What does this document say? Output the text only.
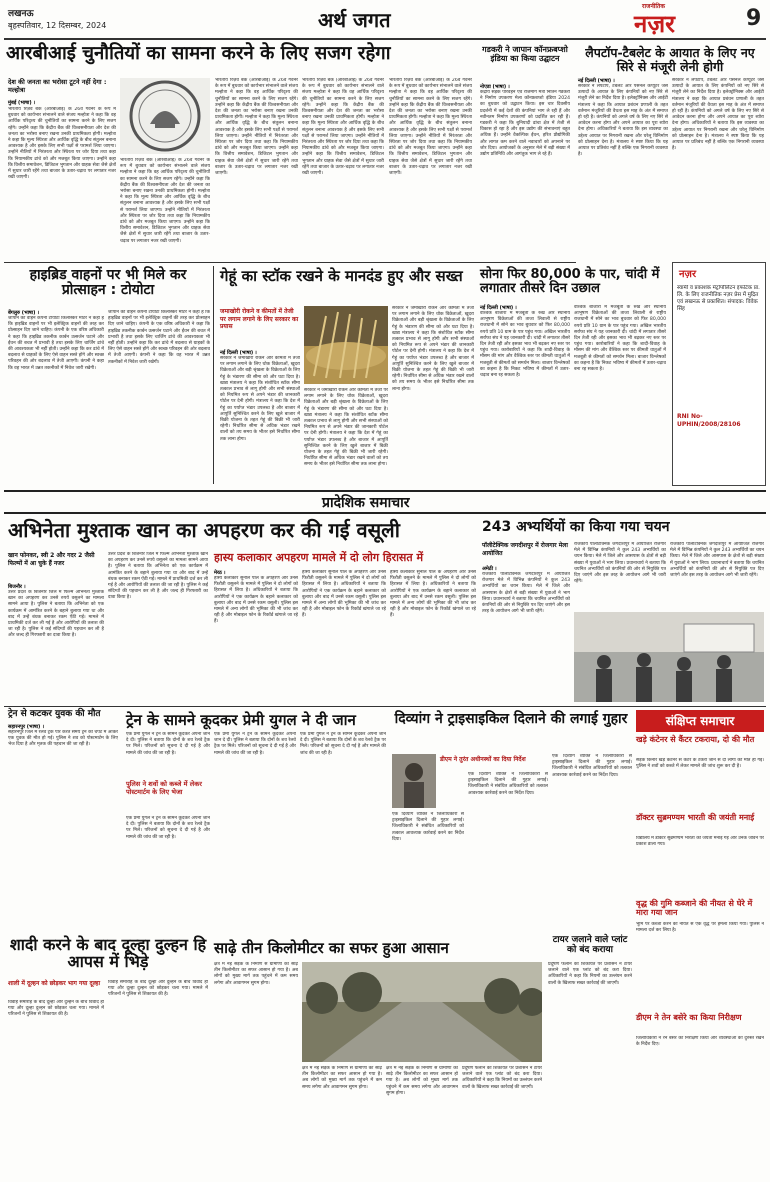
लखनऊ
बृहस्पतिवार, 12 दिसम्बर, 2024	अर्थ जगत
राजनीतिक
नज़र	9
आरबीआई चुनौतियों का सामना करने के लिए सजग रहेगा
देश की जनता का भरोसा टूटने नहीं देगा : मल्होत्रा
मुंबई (भाषा) ।
भारतीय रिज़र्व बैंक (आरबीआई) के 26वें गवर्नर के रूप में बुधवार को कार्यभार संभालने वाले संजय मल्होत्रा ने कहा कि वह आर्थिक परिदृश्य की चुनौतियों का सामना करने के लिए सजग रहेंगे। उन्होंने कहा कि केंद्रीय बैंक की विश्वसनीयता और देश की जनता का भरोसा बनाए रखना उनकी प्राथमिकता होगी। मल्होत्रा ने कहा कि मूल्य स्थिरता और आर्थिक वृद्धि के बीच संतुलन बनाना आवश्यक है और इसके लिए सभी पक्षों से परामर्श लिया जाएगा। उन्होंने नीतियों में निरंतरता और स्थिरता पर जोर दिया तथा कहा कि नियामकीय ढांचे को और मजबूत किया जाएगा। उन्होंने कहा कि वित्तीय समावेशन, डिजिटल भुगतान और ग्राहक सेवा जैसे क्षेत्रों में सुधार जारी रहेंगे तथा बाजार के उतार-चढ़ाव पर लगातार नजर रखी जाएगी।
भारतीय रिज़र्व बैंक (आरबीआई) के 26वें गवर्नर के रूप में बुधवार को कार्यभार संभालने वाले संजय मल्होत्रा ने कहा कि वह आर्थिक परिदृश्य की चुनौतियों का सामना करने के लिए सजग रहेंगे। उन्होंने कहा कि केंद्रीय बैंक की विश्वसनीयता और देश की जनता का भरोसा बनाए रखना उनकी प्राथमिकता होगी। मल्होत्रा ने कहा कि मूल्य स्थिरता और आर्थिक वृद्धि के बीच संतुलन बनाना आवश्यक है और इसके लिए सभी पक्षों से परामर्श लिया जाएगा। उन्होंने नीतियों में निरंतरता और स्थिरता पर जोर दिया तथा कहा कि नियामकीय ढांचे को और मजबूत किया जाएगा। उन्होंने कहा कि वित्तीय समावेशन, डिजिटल भुगतान और ग्राहक सेवा जैसे क्षेत्रों में सुधार जारी रहेंगे तथा बाजार के उतार-चढ़ाव पर लगातार नजर रखी जाएगी।
भारतीय रिज़र्व बैंक (आरबीआई) के 26वें गवर्नर के रूप में बुधवार को कार्यभार संभालने वाले संजय मल्होत्रा ने कहा कि वह आर्थिक परिदृश्य की चुनौतियों का सामना करने के लिए सजग रहेंगे। उन्होंने कहा कि केंद्रीय बैंक की विश्वसनीयता और देश की जनता का भरोसा बनाए रखना उनकी प्राथमिकता होगी। मल्होत्रा ने कहा कि मूल्य स्थिरता और आर्थिक वृद्धि के बीच संतुलन बनाना आवश्यक है और इसके लिए सभी पक्षों से परामर्श लिया जाएगा। उन्होंने नीतियों में निरंतरता और स्थिरता पर जोर दिया तथा कहा कि नियामकीय ढांचे को और मजबूत किया जाएगा। उन्होंने कहा कि वित्तीय समावेशन, डिजिटल भुगतान और ग्राहक सेवा जैसे क्षेत्रों में सुधार जारी रहेंगे तथा बाजार के उतार-चढ़ाव पर लगातार नजर रखी जाएगी।
भारतीय रिज़र्व बैंक (आरबीआई) के 26वें गवर्नर के रूप में बुधवार को कार्यभार संभालने वाले संजय मल्होत्रा ने कहा कि वह आर्थिक परिदृश्य की चुनौतियों का सामना करने के लिए सजग रहेंगे। उन्होंने कहा कि केंद्रीय बैंक की विश्वसनीयता और देश की जनता का भरोसा बनाए रखना उनकी प्राथमिकता होगी। मल्होत्रा ने कहा कि मूल्य स्थिरता और आर्थिक वृद्धि के बीच संतुलन बनाना आवश्यक है और इसके लिए सभी पक्षों से परामर्श लिया जाएगा। उन्होंने नीतियों में निरंतरता और स्थिरता पर जोर दिया तथा कहा कि नियामकीय ढांचे को और मजबूत किया जाएगा। उन्होंने कहा कि वित्तीय समावेशन, डिजिटल भुगतान और ग्राहक सेवा जैसे क्षेत्रों में सुधार जारी रहेंगे तथा बाजार के उतार-चढ़ाव पर लगातार नजर रखी जाएगी।
भारतीय रिज़र्व बैंक (आरबीआई) के 26वें गवर्नर के रूप में बुधवार को कार्यभार संभालने वाले संजय मल्होत्रा ने कहा कि वह आर्थिक परिदृश्य की चुनौतियों का सामना करने के लिए सजग रहेंगे। उन्होंने कहा कि केंद्रीय बैंक की विश्वसनीयता और देश की जनता का भरोसा बनाए रखना उनकी प्राथमिकता होगी। मल्होत्रा ने कहा कि मूल्य स्थिरता और आर्थिक वृद्धि के बीच संतुलन बनाना आवश्यक है और इसके लिए सभी पक्षों से परामर्श लिया जाएगा। उन्होंने नीतियों में निरंतरता और स्थिरता पर जोर दिया तथा कहा कि नियामकीय ढांचे को और मजबूत किया जाएगा। उन्होंने कहा कि वित्तीय समावेशन, डिजिटल भुगतान और ग्राहक सेवा जैसे क्षेत्रों में सुधार जारी रहेंगे तथा बाजार के उतार-चढ़ाव पर लगातार नजर रखी जाएगी।
गडकरी ने जापान कॉनफ्रबप्शो इंडिया का किया उद्घाटन
नोएडा (भाषा) ।
केंद्रीय सड़क परिवहन एवं राजमार्ग मंत्री नितिन गडकरी ने निर्माण उपकरण मेला कॉनफ्रबप्शो इंडिया 2024 का बुधवार को उद्घाटन किया। इस चार दिवसीय प्रदर्शनी में कई देशों की कंपनियां भाग ले रही हैं और नवीनतम निर्माण उपकरणों को प्रदर्शित कर रही हैं। गडकरी ने कहा कि बुनियादी ढांचा क्षेत्र में तेजी से विकास हो रहा है और इस उद्योग की संभावनाएं बहुत अधिक हैं। उन्होंने वैकल्पिक ईंधन, हरित प्रौद्योगिकी और लागत कम करने वाले नवाचारों को अपनाने पर जोर दिया। आयोजकों के अनुसार मेले में बड़ी संख्या में उद्योग प्रतिनिधि और आगंतुक भाग ले रहे हैं।
लैपटॉप-टैबलेट के आयात के लिए नए सिरे से मंजूरी लेनी होगी
नई दिल्ली (भाषा) ।
सरकार ने लैपटॉप, टैबलेट और पर्सनल कंप्यूटर जैसे उत्पादों के आयात के लिए कंपनियों को नए सिरे से मंजूरी लेने का निर्देश दिया है। इलेक्ट्रॉनिक्स और आईटी मंत्रालय ने कहा कि आयात प्रबंधन प्रणाली के तहत वर्तमान मंजूरियों की वैधता इस माह के अंत में समाप्त हो रही है। कंपनियों को अगले वर्ष के लिए नए सिरे से आवेदन करना होगा और अपने आयात का पूरा ब्योरा देना होगा। अधिकारियों ने बताया कि इस व्यवस्था का उद्देश्य आयात पर निगरानी रखना और घरेलू विनिर्माण को प्रोत्साहन देना है। मंत्रालय ने स्पष्ट किया कि यह आयात पर प्रतिबंध नहीं है बल्कि एक निगरानी व्यवस्था है।
सरकार ने लैपटॉप, टैबलेट और पर्सनल कंप्यूटर जैसे उत्पादों के आयात के लिए कंपनियों को नए सिरे से मंजूरी लेने का निर्देश दिया है। इलेक्ट्रॉनिक्स और आईटी मंत्रालय ने कहा कि आयात प्रबंधन प्रणाली के तहत वर्तमान मंजूरियों की वैधता इस माह के अंत में समाप्त हो रही है। कंपनियों को अगले वर्ष के लिए नए सिरे से आवेदन करना होगा और अपने आयात का पूरा ब्योरा देना होगा। अधिकारियों ने बताया कि इस व्यवस्था का उद्देश्य आयात पर निगरानी रखना और घरेलू विनिर्माण को प्रोत्साहन देना है। मंत्रालय ने स्पष्ट किया कि यह आयात पर प्रतिबंध नहीं है बल्कि एक निगरानी व्यवस्था है।
हाइब्रिड वाहनों पर भी मिले कर प्रोत्साहन : टोयोटा
बेंगलुरु (भाषा) ।
जापान की वाहन कंपनी टोयोटा किर्लोस्कर मोटर ने कहा है कि हाइब्रिड वाहनों पर भी इलेक्ट्रिक वाहनों की तरह कर प्रोत्साहन दिए जाने चाहिए। कंपनी के एक वरिष्ठ अधिकारी ने कहा कि हाइब्रिड तकनीक कार्बन उत्सर्जन घटाने और ईंधन की बचत में प्रभावी है तथा इसके लिए चार्जिंग ढांचे की आवश्यकता भी नहीं होती। उन्होंने कहा कि कर ढांचे में बदलाव से ग्राहकों के लिए ऐसे वाहन सस्ते होंगे और स्वच्छ परिवहन की ओर बदलाव में तेजी आएगी। कंपनी ने कहा कि वह भारत में उन्नत तकनीकों में निवेश जारी रखेगी।
जापान की वाहन कंपनी टोयोटा किर्लोस्कर मोटर ने कहा है कि हाइब्रिड वाहनों पर भी इलेक्ट्रिक वाहनों की तरह कर प्रोत्साहन दिए जाने चाहिए। कंपनी के एक वरिष्ठ अधिकारी ने कहा कि हाइब्रिड तकनीक कार्बन उत्सर्जन घटाने और ईंधन की बचत में प्रभावी है तथा इसके लिए चार्जिंग ढांचे की आवश्यकता भी नहीं होती। उन्होंने कहा कि कर ढांचे में बदलाव से ग्राहकों के लिए ऐसे वाहन सस्ते होंगे और स्वच्छ परिवहन की ओर बदलाव में तेजी आएगी। कंपनी ने कहा कि वह भारत में उन्नत तकनीकों में निवेश जारी रखेगी।
गेहूं का स्टॉक रखने के मानदंड हुए और सख्त
जमाखोरी रोकने व कीमतों में तेजी पर लगाम लगाने के लिए सरकार का प्रयास
नई दिल्ली (भाषा) ।
सरकार ने जमाखोरी रोकने और कीमतों में तेजी पर लगाम लगाने के लिए थोक विक्रेताओं, खुदरा विक्रेताओं और बड़ी श्रृंखला के विक्रेताओं के लिए गेहूं के भंडारण की सीमा को और घटा दिया है। खाद्य मंत्रालय ने कहा कि संशोधित स्टॉक सीमा तत्काल प्रभाव से लागू होगी और सभी संस्थाओं को नियमित रूप से अपने भंडार की जानकारी पोर्टल पर देनी होगी। मंत्रालय ने कहा कि देश में गेहूं का पर्याप्त भंडार उपलब्ध है और बाजार में आपूर्ति सुनिश्चित करने के लिए खुले बाजार में बिक्री योजना के तहत गेहूं की बिक्री भी जारी रहेगी। निर्धारित सीमा से अधिक भंडार रखने वालों को तय समय के भीतर इसे निर्धारित सीमा तक लाना होगा।
सरकार ने जमाखोरी रोकने और कीमतों में तेजी पर लगाम लगाने के लिए थोक विक्रेताओं, खुदरा विक्रेताओं और बड़ी श्रृंखला के विक्रेताओं के लिए गेहूं के भंडारण की सीमा को और घटा दिया है। खाद्य मंत्रालय ने कहा कि संशोधित स्टॉक सीमा तत्काल प्रभाव से लागू होगी और सभी संस्थाओं को नियमित रूप से अपने भंडार की जानकारी पोर्टल पर देनी होगी। मंत्रालय ने कहा कि देश में गेहूं का पर्याप्त भंडार उपलब्ध है और बाजार में आपूर्ति सुनिश्चित करने के लिए खुले बाजार में बिक्री योजना के तहत गेहूं की बिक्री भी जारी रहेगी। निर्धारित सीमा से अधिक भंडार रखने वालों को तय समय के भीतर इसे निर्धारित सीमा तक लाना होगा।
सरकार ने जमाखोरी रोकने और कीमतों में तेजी पर लगाम लगाने के लिए थोक विक्रेताओं, खुदरा विक्रेताओं और बड़ी श्रृंखला के विक्रेताओं के लिए गेहूं के भंडारण की सीमा को और घटा दिया है। खाद्य मंत्रालय ने कहा कि संशोधित स्टॉक सीमा तत्काल प्रभाव से लागू होगी और सभी संस्थाओं को नियमित रूप से अपने भंडार की जानकारी पोर्टल पर देनी होगी। मंत्रालय ने कहा कि देश में गेहूं का पर्याप्त भंडार उपलब्ध है और बाजार में आपूर्ति सुनिश्चित करने के लिए खुले बाजार में बिक्री योजना के तहत गेहूं की बिक्री भी जारी रहेगी। निर्धारित सीमा से अधिक भंडार रखने वालों को तय समय के भीतर इसे निर्धारित सीमा तक लाना होगा।
सोना फिर 80,000 के पार, चांदी में लगातार तीसरे दिन उछाल
नई दिल्ली (भाषा) ।
वैश्विक बाजारों में मजबूती के रुख और स्थानीय आभूषण विक्रेताओं की ताजा लिवाली से राष्ट्रीय राजधानी में सोने का भाव बुधवार को फिर 80,000 रुपये प्रति 10 ग्राम के पार पहुंच गया। अखिल भारतीय सर्राफा संघ ने यह जानकारी दी। चांदी में लगातार तीसरे दिन तेजी रही और इसका भाव भी बढ़कर नए स्तर पर पहुंच गया। कारोबारियों ने कहा कि शादी-विवाह के मौसम की मांग और वैश्विक स्तर पर कीमती धातुओं में मजबूती से कीमतों को समर्थन मिला। बाजार विश्लेषकों का कहना है कि निकट भविष्य में कीमतों में उतार-चढ़ाव बना रह सकता है।
वैश्विक बाजारों में मजबूती के रुख और स्थानीय आभूषण विक्रेताओं की ताजा लिवाली से राष्ट्रीय राजधानी में सोने का भाव बुधवार को फिर 80,000 रुपये प्रति 10 ग्राम के पार पहुंच गया। अखिल भारतीय सर्राफा संघ ने यह जानकारी दी। चांदी में लगातार तीसरे दिन तेजी रही और इसका भाव भी बढ़कर नए स्तर पर पहुंच गया। कारोबारियों ने कहा कि शादी-विवाह के मौसम की मांग और वैश्विक स्तर पर कीमती धातुओं में मजबूती से कीमतों को समर्थन मिला। बाजार विश्लेषकों का कहना है कि निकट भविष्य में कीमतों में उतार-चढ़ाव बना रह सकता है।
नज़र
स्वामी व प्रकाशक मेट्रोपॉलिटन इंफोटेक प्रा. लि. के लिए राजनीतिक नज़र प्रेस में मुद्रित एवं लखनऊ से प्रकाशित। संपादक: विवेक सिंह
RNI No-UPHIN/2008/28106
प्रादेशिक समाचार
अभिनेता मुश्ताक खान का अपहरण कर की गई वसूली
खान फोनकर, स्वी 2 और गदर 2 जैसी फिल्मों में आ चुके हैं नजर
बिजनौर ।
उत्तर प्रदेश के बिजनौर जिले में फिल्म अभिनेता मुश्ताक खान का अपहरण कर उनसे रुपये वसूलने का मामला सामने आया है। पुलिस ने बताया कि अभिनेता को एक कार्यक्रम में आमंत्रित करने के बहाने बुलाया गया था और बाद में उन्हें बंधक बनाकर रकम ऐंठी गई। मामले में प्राथमिकी दर्ज कर ली गई है और आरोपियों की तलाश की जा रही है। पुलिस ने कई संदिग्धों की पहचान कर ली है और जल्द ही गिरफ्तारी का दावा किया है।
उत्तर प्रदेश के बिजनौर जिले में फिल्म अभिनेता मुश्ताक खान का अपहरण कर उनसे रुपये वसूलने का मामला सामने आया है। पुलिस ने बताया कि अभिनेता को एक कार्यक्रम में आमंत्रित करने के बहाने बुलाया गया था और बाद में उन्हें बंधक बनाकर रकम ऐंठी गई। मामले में प्राथमिकी दर्ज कर ली गई है और आरोपियों की तलाश की जा रही है। पुलिस ने कई संदिग्धों की पहचान कर ली है और जल्द ही गिरफ्तारी का दावा किया है।
हास्य कलाकार अपहरण मामले में दो लोग हिरासत में
मेरठ ।
हास्य कलाकार सुनील पाल के अपहरण और उनसे फिरौती वसूलने के मामले में पुलिस ने दो लोगों को हिरासत में लिया है। अधिकारियों ने बताया कि आरोपियों ने एक कार्यक्रम के बहाने कलाकार को बुलाया और बाद में उनसे रकम वसूली। पुलिस इस मामले में अन्य लोगों की भूमिका की भी जांच कर रही है और मोबाइल फोन के रिकॉर्ड खंगाले जा रहे हैं।
हास्य कलाकार सुनील पाल के अपहरण और उनसे फिरौती वसूलने के मामले में पुलिस ने दो लोगों को हिरासत में लिया है। अधिकारियों ने बताया कि आरोपियों ने एक कार्यक्रम के बहाने कलाकार को बुलाया और बाद में उनसे रकम वसूली। पुलिस इस मामले में अन्य लोगों की भूमिका की भी जांच कर रही है और मोबाइल फोन के रिकॉर्ड खंगाले जा रहे हैं।
हास्य कलाकार सुनील पाल के अपहरण और उनसे फिरौती वसूलने के मामले में पुलिस ने दो लोगों को हिरासत में लिया है। अधिकारियों ने बताया कि आरोपियों ने एक कार्यक्रम के बहाने कलाकार को बुलाया और बाद में उनसे रकम वसूली। पुलिस इस मामले में अन्य लोगों की भूमिका की भी जांच कर रही है और मोबाइल फोन के रिकॉर्ड खंगाले जा रहे हैं।
243 अभ्यर्थियों का किया गया चयन
पॉलीटेक्निक जगदीशपुर में रोजगार मेला आयोजित
अमेठी ।
राजकीय पॉलीटेक्निक जगदीशपुर में आयोजित रोजगार मेले में विभिन्न कंपनियों ने कुल 243 अभ्यर्थियों का चयन किया। मेले में जिले और आसपास के क्षेत्रों से बड़ी संख्या में युवाओं ने भाग लिया। प्रधानाचार्य ने बताया कि चयनित अभ्यर्थियों को कंपनियों की ओर से नियुक्ति पत्र दिए जाएंगे और इस तरह के आयोजन आगे भी जारी रहेंगे।
राजकीय पॉलीटेक्निक जगदीशपुर में आयोजित रोजगार मेले में विभिन्न कंपनियों ने कुल 243 अभ्यर्थियों का चयन किया। मेले में जिले और आसपास के क्षेत्रों से बड़ी संख्या में युवाओं ने भाग लिया। प्रधानाचार्य ने बताया कि चयनित अभ्यर्थियों को कंपनियों की ओर से नियुक्ति पत्र दिए जाएंगे और इस तरह के आयोजन आगे भी जारी रहेंगे।
राजकीय पॉलीटेक्निक जगदीशपुर में आयोजित रोजगार मेले में विभिन्न कंपनियों ने कुल 243 अभ्यर्थियों का चयन किया। मेले में जिले और आसपास के क्षेत्रों से बड़ी संख्या में युवाओं ने भाग लिया। प्रधानाचार्य ने बताया कि चयनित अभ्यर्थियों को कंपनियों की ओर से नियुक्ति पत्र दिए जाएंगे और इस तरह के आयोजन आगे भी जारी रहेंगे।
ट्रेन से कटकर युवक की मौत
सहारनपुर (भाषा) ।
सहारनपुर जिले में रेलवे ट्रैक पार करते समय ट्रेन की चपेट में आकर एक युवक की मौत हो गई। पुलिस ने शव को पोस्टमार्टम के लिए भेज दिया है और मृतक की पहचान की जा रही है।
ट्रेन के सामने कूदकर प्रेमी युगल ने दी जान
पुलिस ने शवों को कब्जे में लेकर पोस्टमार्टम के लिए भेजा
एक प्रेमी युगल ने ट्रेन के सामने कूदकर अपनी जान दे दी। पुलिस ने बताया कि दोनों के शव रेलवे ट्रैक पर मिले। परिजनों को सूचना दे दी गई है और मामले की जांच की जा रही है।
एक प्रेमी युगल ने ट्रेन के सामने कूदकर अपनी जान दे दी। पुलिस ने बताया कि दोनों के शव रेलवे ट्रैक पर मिले। परिजनों को सूचना दे दी गई है और मामले की जांच की जा रही है।
एक प्रेमी युगल ने ट्रेन के सामने कूदकर अपनी जान दे दी। पुलिस ने बताया कि दोनों के शव रेलवे ट्रैक पर मिले। परिजनों को सूचना दे दी गई है और मामले की जांच की जा रही है।
एक प्रेमी युगल ने ट्रेन के सामने कूदकर अपनी जान दे दी। पुलिस ने बताया कि दोनों के शव रेलवे ट्रैक पर मिले। परिजनों को सूचना दे दी गई है और मामले की जांच की जा रही है।
दिव्यांग ने ट्राइसाइकिल दिलाने की लगाई गुहार
डीएम ने तुरंत अधीनस्थों का दिया निर्देश
एक दिव्यांग व्यक्ति ने जिलाधिकारी से ट्राइसाइकिल दिलाने की गुहार लगाई। जिलाधिकारी ने संबंधित अधिकारियों को तत्काल आवश्यक कार्रवाई करने का निर्देश दिया।
एक दिव्यांग व्यक्ति ने जिलाधिकारी से ट्राइसाइकिल दिलाने की गुहार लगाई। जिलाधिकारी ने संबंधित अधिकारियों को तत्काल आवश्यक कार्रवाई करने का निर्देश दिया।
एक दिव्यांग व्यक्ति ने जिलाधिकारी से ट्राइसाइकिल दिलाने की गुहार लगाई। जिलाधिकारी ने संबंधित अधिकारियों को तत्काल आवश्यक कार्रवाई करने का निर्देश दिया।
संक्षिप्त समाचार
खड़े कंटेनर से कैंटर टकराया, दो की मौत
सड़क किनारे खड़े कंटेनर से कैंटर के टकरा जाने से दो लोगों की मौत हो गई। पुलिस ने शवों को कब्जे में लेकर मामले की जांच शुरू कर दी है।
डॉक्टर सुब्रमण्यम भारती की जयंती मनाई
विद्यालय में डॉक्टर सुब्रमण्यम भारती की जयंती मनाई गई और उनके जीवन पर प्रकाश डाला गया।
वृद्ध की गुमि कब्जाने की नीयत से घेरे में मारा गया जान
भूमि पर कब्जा करने की नीयत से एक वृद्ध पर हमला किया गया। पुलिस ने मामला दर्ज कर लिया है।
डीएम ने तेन बसेरे का किया निरीक्षण
जिलाधिकारी ने रैन बसेरे का निरीक्षण किया और व्यवस्थाओं को दुरुस्त रखने के निर्देश दिए।
शादी करने के बाद दूल्हा दुल्हन हि आपस में भिड़े
शाली में दूल्हन को छोड़कर भाग गया दूल्हा
विवाह समारोह के बाद दूल्हा और दुल्हन के बीच विवाद हो गया और दूल्हा दुल्हन को छोड़कर चला गया। मामले में परिजनों ने पुलिस से शिकायत की है।
विवाह समारोह के बाद दूल्हा और दुल्हन के बीच विवाद हो गया और दूल्हा दुल्हन को छोड़कर चला गया। मामले में परिजनों ने पुलिस से शिकायत की है।
साढ़े तीन किलोमीटर का सफर हुआ आसान
क्षेत्र में नई सड़क के निर्माण से ग्रामीणों का साढ़े तीन किलोमीटर का सफर आसान हो गया है। अब लोगों को मुख्य मार्ग तक पहुंचने में कम समय लगेगा और आवागमन सुगम होगा।
क्षेत्र में नई सड़क के निर्माण से ग्रामीणों का साढ़े तीन किलोमीटर का सफर आसान हो गया है। अब लोगों को मुख्य मार्ग तक पहुंचने में कम समय लगेगा और आवागमन सुगम होगा।
क्षेत्र में नई सड़क के निर्माण से ग्रामीणों का साढ़े तीन किलोमीटर का सफर आसान हो गया है। अब लोगों को मुख्य मार्ग तक पहुंचने में कम समय लगेगा और आवागमन सुगम होगा।
टायर जलाने वाले प्लांट को बंद कराया
प्रदूषण फैलाने की शिकायत पर प्रशासन ने टायर जलाने वाले एक प्लांट को बंद करा दिया। अधिकारियों ने कहा कि नियमों का उल्लंघन करने वालों के खिलाफ सख्त कार्रवाई की जाएगी।
प्रदूषण फैलाने की शिकायत पर प्रशासन ने टायर जलाने वाले एक प्लांट को बंद करा दिया। अधिकारियों ने कहा कि नियमों का उल्लंघन करने वालों के खिलाफ सख्त कार्रवाई की जाएगी।
